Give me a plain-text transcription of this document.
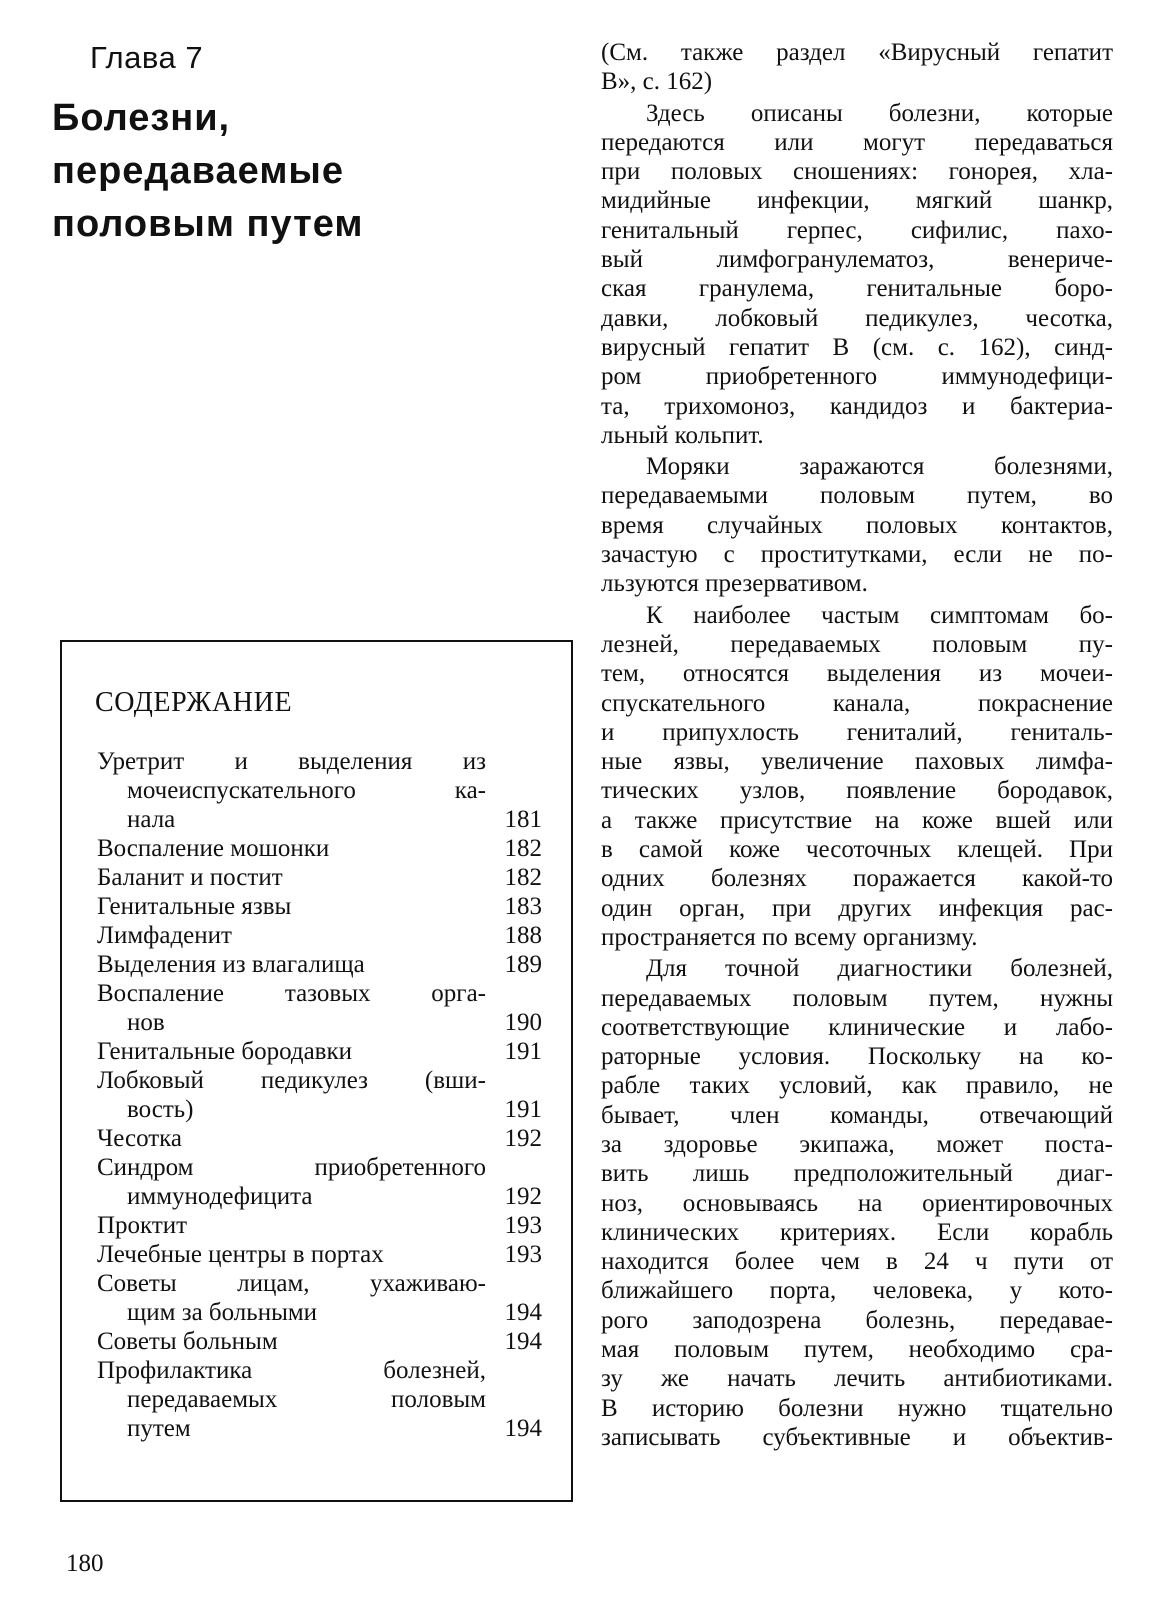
Глава 7
Болезни,
передаваемые
половым путем
СОДЕРЖАНИЕ
Уретрит и выделения из
мочеиспускательного ка-
нала	181
Воспаление мошонки	182
Баланит и постит	182
Генитальные язвы	183
Лимфаденит	188
Выделения из влагалища	189
Воспаление тазовых орга-
нов	190
Генитальные бородавки	191
Лобковый педикулез (вши-
вость)	191
Чесотка	192
Синдром приобретенного
иммунодефицита	192
Проктит	193
Лечебные центры в портах	193
Советы лицам, ухаживаю-
щим за больными	194
Советы больным	194
Профилактика болезней,
передаваемых половым
путем	194
180
(См. также раздел «Вирусный гепатит
В», с. 162)
Здесь описаны болезни, которые
передаются или могут передаваться
при половых сношениях: гонорея, хла-
мидийные инфекции, мягкий шанкр,
генитальный герпес, сифилис, пахо-
вый лимфогранулематоз, венериче-
ская гранулема, генитальные боро-
давки, лобковый педикулез, чесотка,
вирусный гепатит В (см. с. 162), синд-
ром приобретенного иммунодефици-
та, трихомоноз, кандидоз и бактериа-
льный кольпит.
Моряки заражаются болезнями,
передаваемыми половым путем, во
время случайных половых контактов,
зачастую с проститутками, если не по-
льзуются презервативом.
К наиболее частым симптомам бо-
лезней, передаваемых половым пу-
тем, относятся выделения из мочеи-
спускательного канала, покраснение
и припухлость гениталий, гениталь-
ные язвы, увеличение паховых лимфа-
тических узлов, появление бородавок,
а также присутствие на коже вшей или
в самой коже чесоточных клещей. При
одних болезнях поражается какой-то
один орган, при других инфекция рас-
пространяется по всему организму.
Для точной диагностики болезней,
передаваемых половым путем, нужны
соответствующие клинические и лабо-
раторные условия. Поскольку на ко-
рабле таких условий, как правило, не
бывает, член команды, отвечающий
за здоровье экипажа, может поста-
вить лишь предположительный диаг-
ноз, основываясь на ориентировочных
клинических критериях. Если корабль
находится более чем в 24 ч пути от
ближайшего порта, человека, у кото-
рого заподозрена болезнь, передавае-
мая половым путем, необходимо сра-
зу же начать лечить антибиотиками.
В историю болезни нужно тщательно
записывать субъективные и объектив-
